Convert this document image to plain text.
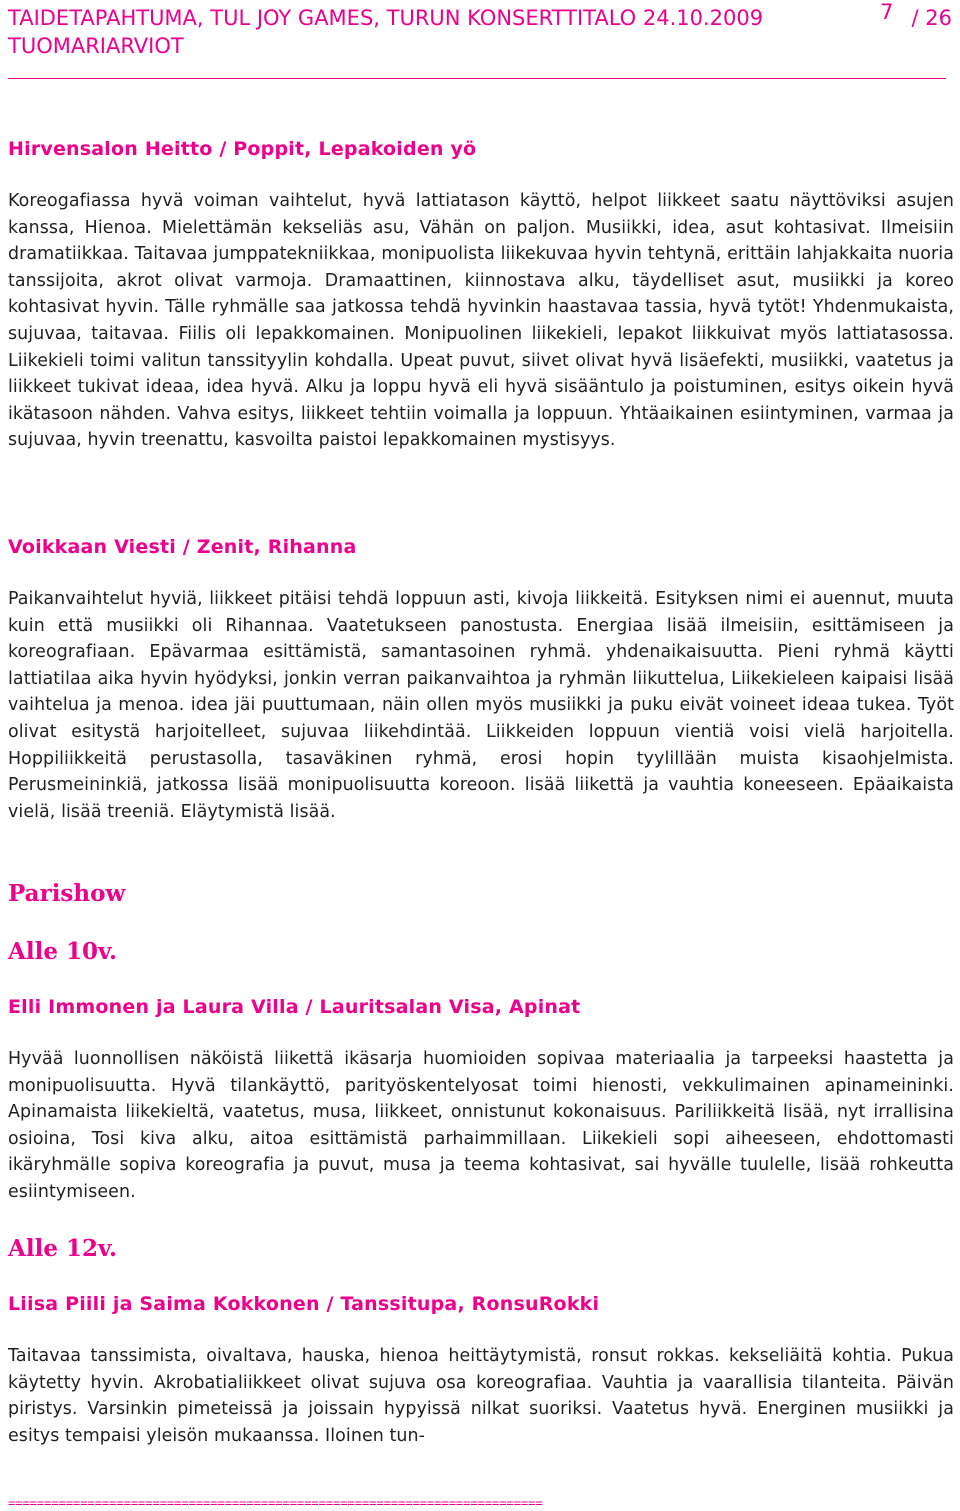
TAIDETAPAHTUMA, TUL JOY GAMES, TURUN KONSERTTITALO 24.10.2009
TUOMARIARVIOT
7 / 26
Hirvensalon Heitto / Poppit, Lepakoiden yö

Koreogafiassa hyvä voiman vaihtelut, hyvä lattiatason käyttö, helpot liikkeet saatu näyttöviksi asujen kanssa, Hienoa. Mielettämän kekseliäs asu, Vähän on paljon. Musiikki, idea, asut kohtasivat. Ilmeisiin dramatiikkaa. Taitavaa jumppatekniikkaa, monipuolista liikekuvaa hyvin tehtynä, erittäin lahjakkaita nuoria tanssijoita, akrot olivat varmoja. Dramaattinen, kiinnostava alku, täydelliset asut, musiikki ja koreo kohtasivat hyvin. Tälle ryhmälle saa jatkossa tehdä hyvinkin haastavaa tassia, hyvä tytöt! Yhdenmukaista, sujuvaa, taitavaa. Fiilis oli lepakkomainen. Monipuolinen liikekieli, lepakot liikkuivat myös lattiatasossa. Liikekieli toimi valitun tanssityylin kohdalla. Upeat puvut, siivet olivat hyvä lisäefekti, musiikki, vaatetus ja liikkeet tukivat ideaa, idea hyvä. Alku ja loppu hyvä eli hyvä sisääntulo ja poistuminen, esitys oikein hyvä ikätasoon nähden. Vahva esitys, liikkeet tehtiin voimalla ja loppuun. Yhtäaikainen esiintyminen, varmaa ja sujuvaa, hyvin treenattu, kasvoilta paistoi lepakkomainen mystisyys.

Voikkaan Viesti / Zenit, Rihanna

Paikanvaihtelut hyviä, liikkeet pitäisi tehdä loppuun asti, kivoja liikkeitä. Esityksen nimi ei auennut, muuta kuin että musiikki oli Rihannaa. Vaatetukseen panostusta. Energiaa lisää ilmeisiin, esittämiseen ja koreografiaan. Epävarmaa esittämistä, samantasoinen ryhmä. yhdenaikaisuutta. Pieni ryhmä käytti lattiatilaa aika hyvin hyödyksi, jonkin verran paikanvaihtoa ja ryhmän liikuttelua, Liikekieleen kaipaisi lisää vaihtelua ja menoa. idea jäi puuttumaan, näin ollen myös musiikki ja puku eivät voineet ideaa tukea. Työt olivat esitystä harjoitelleet, sujuvaa liikehdintää. Liikkeiden loppuun vientiä voisi vielä harjoitella. Hoppiliikkeitä perustasolla, tasaväkinen ryhmä, erosi hopin tyylillään muista kisaohjelmista. Perusmeininkiä, jatkossa lisää monipuolisuutta koreoon. lisää liikettä ja vauhtia koneeseen. Epäaikaista vielä, lisää treeniä. Eläytymistä lisää.

Parishow
Alle 10v.
Elli Immonen ja Laura Villa / Lauritsalan Visa, Apinat

Hyvää luonnollisen näköistä liikettä ikäsarja huomioiden sopivaa materiaalia ja tarpeeksi haastetta ja monipuolisuutta. Hyvä tilankäyttö, parityöskentelyosat toimi hienosti, vekkulimainen apinameininki. Apinamaista liikekieltä, vaatetus, musa, liikkeet, onnistunut kokonaisuus. Pariliikkeitä lisää, nyt irrallisina osioina, Tosi kiva alku, aitoa esittämistä parhaimmillaan. Liikekieli sopi aiheeseen, ehdottomasti ikäryhmälle sopiva koreografia ja puvut, musa ja teema kohtasivat, sai hyvälle tuulelle, lisää rohkeutta esiintymiseen.

Alle 12v.
Liisa Piili ja Saima Kokkonen / Tanssitupa, RonsuRokki

Taitavaa tanssimista, oivaltava, hauska, hienoa heittäytymistä, ronsut rokkas. kekseliäitä kohtia. Pukua käytetty hyvin. Akrobatialiikkeet olivat sujuva osa koreografiaa. Vauhtia ja vaarallisia tilanteita. Päivän piristys. Varsinkin pimeteissä ja joissain hypyissä nilkat suoriksi. Vaatetus hyvä. Energinen musiikki ja esitys tempaisi yleisön mukaanssa. Iloinen tun-

==========================================================================
